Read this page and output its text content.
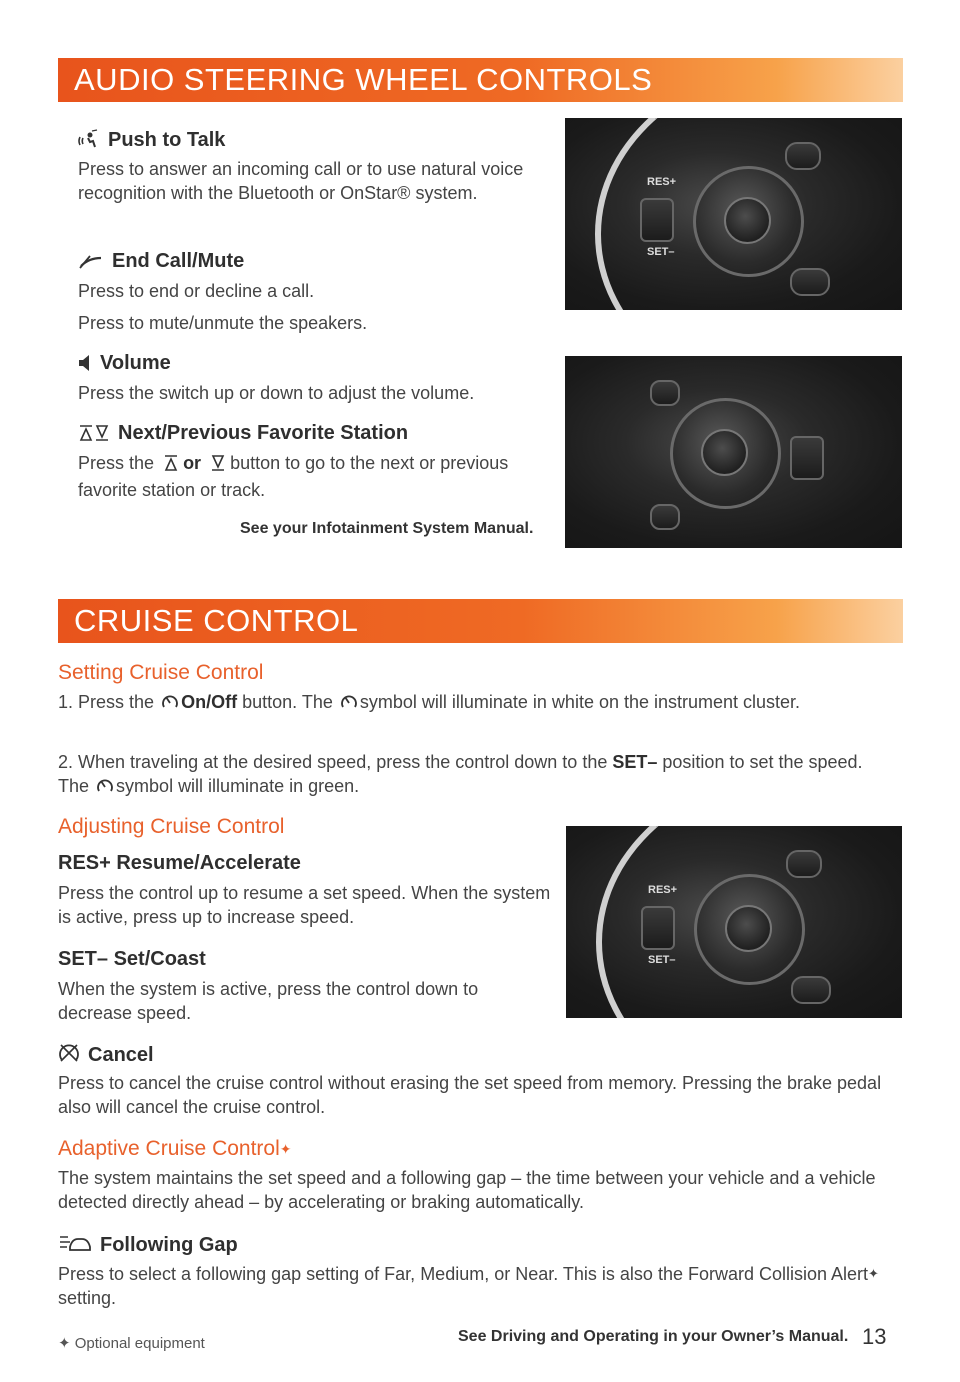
AUDIO STEERING WHEEL CONTROLS
Push to Talk
Press to answer an incoming call or to use natural voice recognition with the Bluetooth or OnStar® system.
End Call/Mute
Press to end or decline a call.
Press to mute/unmute the speakers.
Volume
Press the switch up or down to adjust the volume.
Next/Previous Favorite Station
Press the or button to go to the next or previous favorite station or track.
See your Infotainment System Manual.
RES+
SET–
CRUISE CONTROL
Setting Cruise Control
1. Press the On/Off button. The symbol will illuminate in white on the instrument cluster.
2. When traveling at the desired speed, press the control down to the SET– position to set the speed. The symbol will illuminate in green.
Adjusting Cruise Control
RES+ Resume/Accelerate
Press the control up to resume a set speed. When the system is active, press up to increase speed.
SET– Set/Coast
When the system is active, press the control down to decrease speed.
Cancel
Press to cancel the cruise control without erasing the set speed from memory. Pressing the brake pedal also will cancel the cruise control.
Adaptive Cruise Control✦
The system maintains the set speed and a following gap – the time between your vehicle and a vehicle detected directly ahead – by accelerating or braking automatically.
Following Gap
Press to select a following gap setting of Far, Medium, or Near. This is also the Forward Collision Alert✦ setting.
RES+
SET–
✦ Optional equipment	See Driving and Operating in your Owner’s Manual. 13
